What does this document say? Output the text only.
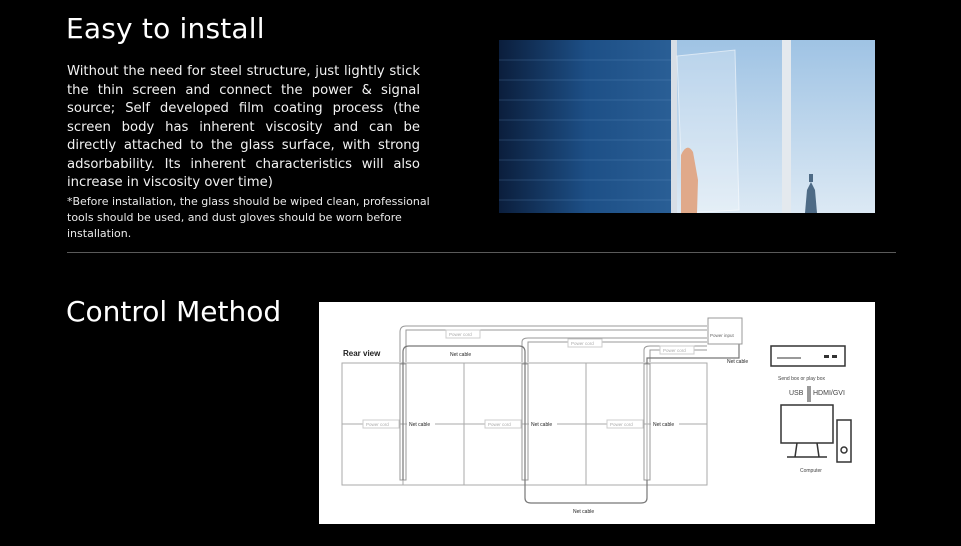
Easy to install

Without the need for steel structure, just lightly stick the thin screen and connect the power & signal source; Self developed film coating process (the screen body has inherent viscosity and can be directly attached to the glass surface, with strong adsorbability. Its inherent characteristics will also increase in viscosity over time)

*Before installation, the glass should be wiped clean, professional tools should be used, and dust gloves should be worn before installation.

Control Method
Rear view
Power input
Power cord
Power cord
Power cord
Net cable
Net cable
Net cable
Power cord	Net cable	Power cord	Net cable	Power cord	Net cable
Send box or play box
USB HDMI/GVI
Computer
